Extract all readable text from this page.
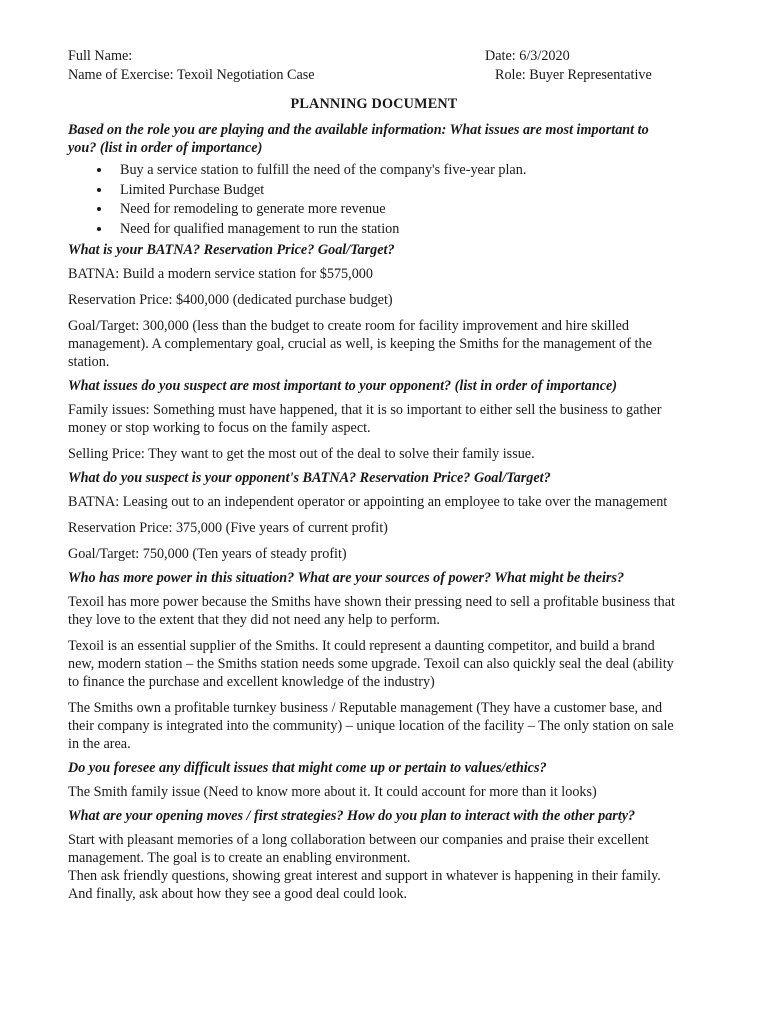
Full Name:	Date: 6/3/2020
Name of Exercise: Texoil Negotiation Case	Role: Buyer Representative
PLANNING DOCUMENT

Based on the role you are playing and the available information: What issues are most important to you? (list in order of importance)

• Buy a service station to fulfill the need of the company's five-year plan.
• Limited Purchase Budget
• Need for remodeling to generate more revenue
• Need for qualified management to run the station

What is your BATNA? Reservation Price? Goal/Target?

BATNA: Build a modern service station for $575,000

Reservation Price: $400,000 (dedicated purchase budget)

Goal/Target: 300,000 (less than the budget to create room for facility improvement and hire skilled management). A complementary goal, crucial as well, is keeping the Smiths for the management of the station.

What issues do you suspect are most important to your opponent? (list in order of importance)

Family issues: Something must have happened, that it is so important to either sell the business to gather money or stop working to focus on the family aspect.

Selling Price: They want to get the most out of the deal to solve their family issue.

What do you suspect is your opponent's BATNA? Reservation Price? Goal/Target?

BATNA: Leasing out to an independent operator or appointing an employee to take over the management

Reservation Price: 375,000 (Five years of current profit)

Goal/Target: 750,000 (Ten years of steady profit)

Who has more power in this situation? What are your sources of power? What might be theirs?

Texoil has more power because the Smiths have shown their pressing need to sell a profitable business that they love to the extent that they did not need any help to perform.

Texoil is an essential supplier of the Smiths. It could represent a daunting competitor, and build a brand new, modern station – the Smiths station needs some upgrade. Texoil can also quickly seal the deal (ability to finance the purchase and excellent knowledge of the industry)

The Smiths own a profitable turnkey business / Reputable management (They have a customer base, and their company is integrated into the community) – unique location of the facility – The only station on sale in the area.

Do you foresee any difficult issues that might come up or pertain to values/ethics?

The Smith family issue (Need to know more about it. It could account for more than it looks)

What are your opening moves / first strategies? How do you plan to interact with the other party?

Start with pleasant memories of a long collaboration between our companies and praise their excellent management. The goal is to create an enabling environment.

Then ask friendly questions, showing great interest and support in whatever is happening in their family. And finally, ask about how they see a good deal could look.
